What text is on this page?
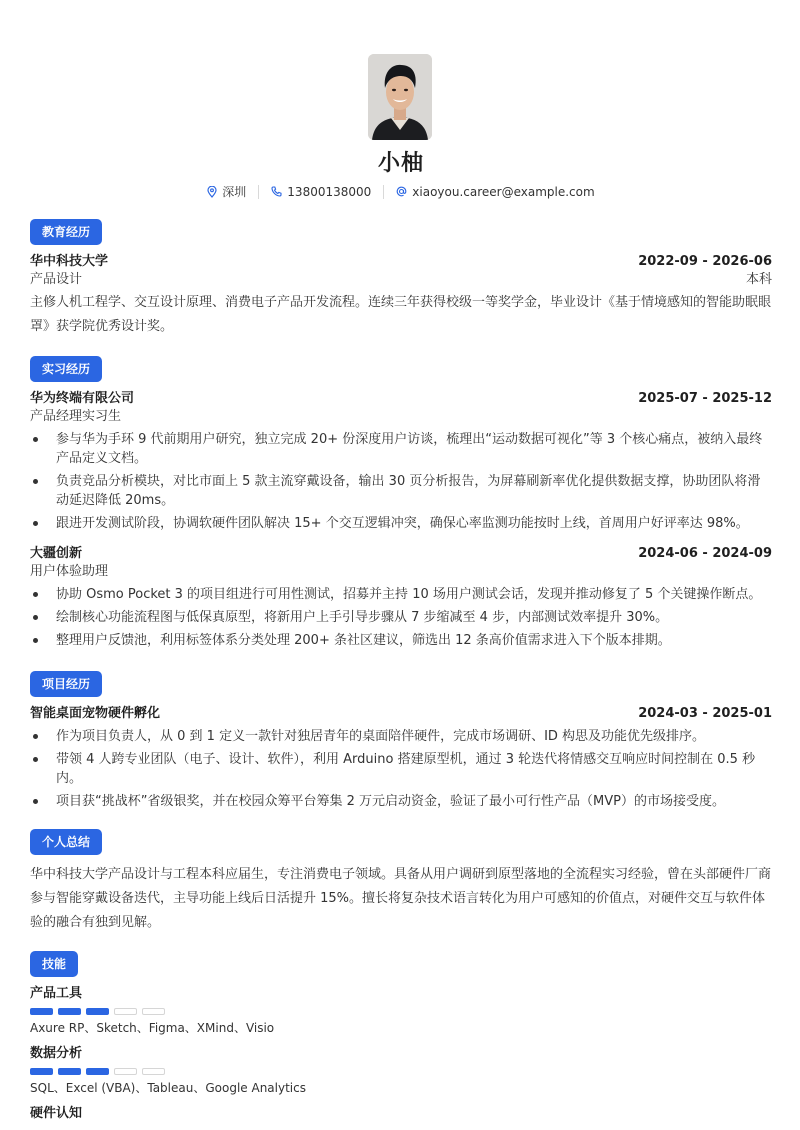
小柚
深圳	13800138000	xiaoyou.career@example.com
教育经历
华中科技大学	2022-09 - 2026-06
产品设计	本科
主修人机工程学、交互设计原理、消费电子产品开发流程。连续三年获得校级一等奖学金，毕业设计《基于情境感知的智能助眠眼罩》获学院优秀设计奖。
实习经历
华为终端有限公司	2025-07 - 2025-12
产品经理实习生
参与华为手环 9 代前期用户研究，独立完成 20+ 份深度用户访谈，梳理出“运动数据可视化”等 3 个核心痛点，被纳入最终产品定义文档。
负责竞品分析模块，对比市面上 5 款主流穿戴设备，输出 30 页分析报告，为屏幕刷新率优化提供数据支撑，协助团队将滑动延迟降低 20ms。
跟进开发测试阶段，协调软硬件团队解决 15+ 个交互逻辑冲突，确保心率监测功能按时上线，首周用户好评率达 98%。
大疆创新	2024-06 - 2024-09
用户体验助理
协助 Osmo Pocket 3 的项目组进行可用性测试，招募并主持 10 场用户测试会话，发现并推动修复了 5 个关键操作断点。
绘制核心功能流程图与低保真原型，将新用户上手引导步骤从 7 步缩减至 4 步，内部测试效率提升 30%。
整理用户反馈池，利用标签体系分类处理 200+ 条社区建议，筛选出 12 条高价值需求进入下个版本排期。
项目经历
智能桌面宠物硬件孵化	2024-03 - 2025-01
作为项目负责人，从 0 到 1 定义一款针对独居青年的桌面陪伴硬件，完成市场调研、ID 构思及功能优先级排序。
带领 4 人跨专业团队（电子、设计、软件），利用 Arduino 搭建原型机，通过 3 轮迭代将情感交互响应时间控制在 0.5 秒内。
项目获“挑战杯”省级银奖，并在校园众筹平台筹集 2 万元启动资金，验证了最小可行性产品（MVP）的市场接受度。
个人总结
华中科技大学产品设计与工程本科应届生，专注消费电子领域。具备从用户调研到原型落地的全流程实习经验，曾在头部硬件厂商参与智能穿戴设备迭代，主导功能上线后日活提升 15%。擅长将复杂技术语言转化为用户可感知的价值点，对硬件交互与软件体验的融合有独到见解。
技能
产品工具
Axure RP、Sketch、Figma、XMind、Visio
数据分析
SQL、Excel (VBA)、Tableau、Google Analytics
硬件认知
